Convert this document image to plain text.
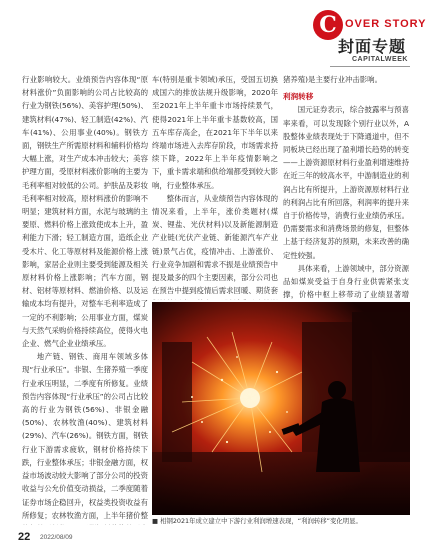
C OVER STORY
封面专题
CAPITALWEEK

行业影响较大。业绩预告内容体现“原材料涨价”负面影响的公司占比较高的行业为钢铁(56%)、美容护理(50%)、建筑材料(47%)、轻工制造(42%)、汽车(41%)、公用事业(40%)。钢铁方面，钢铁生产所需原材料和辅料价格均大幅上涨，对生产成本冲击较大；美容护理方面，受原材料涨价影响的主要为毛利率相对较低的公司。护肤品及彩妆毛利率相对较高，原材料涨价的影响不明显；建筑材料方面，水泥与玻璃的主要原、燃料价格上涨致使成本上升，盈利能力下滑；轻工制造方面，造纸企业受木片、化工等原材料及能源价格上涨影响，家居企业则主要受到能源及相关原材料价格上涨影响；汽车方面，钢材、铝材等原材料、燃油价格、以及运输成本均有提升，对整车毛利率造成了一定的不利影响；公用事业方面，煤炭与天然气采购价格持续高位，使得火电企业、燃气企业业绩承压。

地产链、钢铁、商用车领域多体现“行业承压”。非银、生猪养殖一季度行业承压明显，二季度有所修复。业绩预告内容体现“行业承压”的公司占比较高的行业为钢铁(56%)、非银金融(50%)、农林牧渔(40%)、建筑材料(29%)、汽车(26%)。钢铁方面，钢铁行业下游需求疲软，钢材价格持续下跌，行业整体承压；非银金融方面，权益市场波动较大影响了部分公司的投资收益与公允价值变动损益，二季度随着证券市场企稳回升，权益类投资收益有所修复；农林牧渔方面，上半年猪价整

车(特别是重卡领域)承压，受国五切换成国六的排放法规升级影响，2020年至2021年上半年重卡市场持续景气，使得2021年上半年重卡基数较高，国五车库存高企，在2021年下半年以来终端市场进入去库存阶段，市场需求持续下降，2022年上半年疫情影响之下，重卡需求端和供给端都受到较大影响，行业整体承压。

整体而言，从业绩预告内容体现的情况来看，上半年，涨价类题材(煤炭、锂盐、光伏材料)以及新能源制造产业链(光伏产业链、新能源汽车产业链)景气占优，疫情冲击、上游涨价、行业竞争加剧和需求不振是业绩预告中提及最多的四个主要因素，部分公司也在预告中提到疫情后需求回暖、期货套

猪养殖)是主要行业冲击影响。

利润转移

国元证券表示，综合披露率与预喜率来看，可以发现除个别行业以外，A股整体业绩表现处于下降通道中，但不同板块已经出现了盈利增长趋势的转变——上游资源原材料行业盈利增速维持在近三年的较高水平，中游制造业的利润占比有所提升，上游资源原材料行业的利润占比有所回落，利润率的提升来自于价格传导，消费行业业绩仍承压。仍需要需求和消费场景的修复，但整体上基于经济复苏的预期，未来改善的确定性较强。

具体来看，上游领域中，部分资源品如煤炭受益于自身行业供需紧张支撑，价格中枢上移带动了业绩显著增

■ 相钢2021年成立建立中下游行业利润增速表现，“利润转移”变化明显。
22 2022/08/09
